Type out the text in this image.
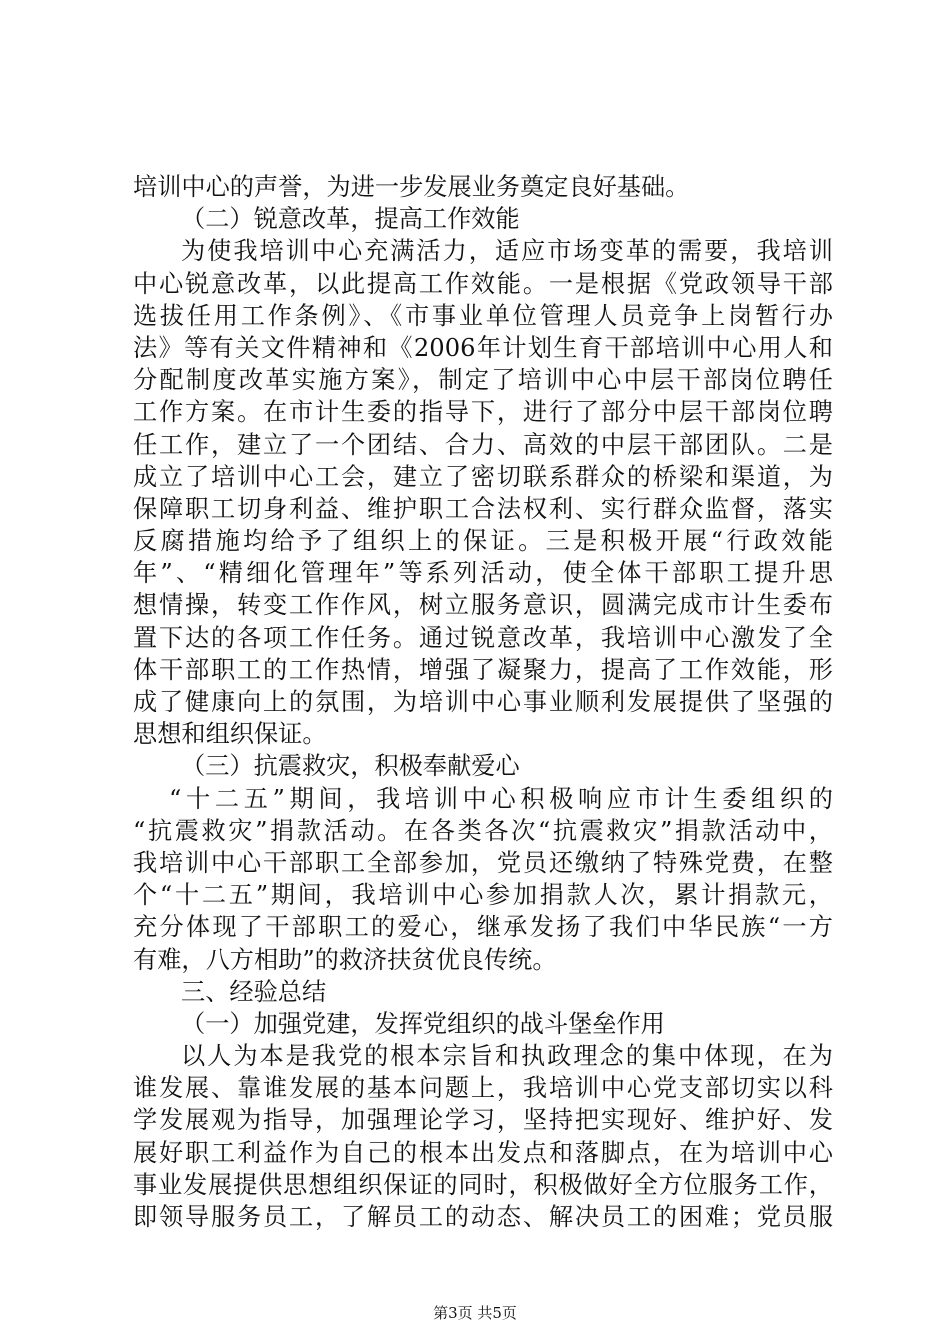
培训中心的声誉，为进一步发展业务奠定良好基础。
（二）锐意改革，提高工作效能
为使我培训中心充满活力，适应市场变革的需要，我培训
中心锐意改革，以此提高工作效能。一是根据《党政领导干部
选拔任用工作条例》、《市事业单位管理人员竞争上岗暂行办
法》等有关文件精神和《2006年计划生育干部培训中心用人和
分配制度改革实施方案》，制定了培训中心中层干部岗位聘任
工作方案。在市计生委的指导下，进行了部分中层干部岗位聘
任工作，建立了一个团结、合力、高效的中层干部团队。二是
成立了培训中心工会，建立了密切联系群众的桥梁和渠道，为
保障职工切身利益、维护职工合法权利、实行群众监督，落实
反腐措施均给予了组织上的保证。三是积极开展“行政效能
年”、“精细化管理年”等系列活动，使全体干部职工提升思
想情操，转变工作作风，树立服务意识，圆满完成市计生委布
置下达的各项工作任务。通过锐意改革，我培训中心激发了全
体干部职工的工作热情，增强了凝聚力，提高了工作效能，形
成了健康向上的氛围，为培训中心事业顺利发展提供了坚强的
思想和组织保证。
（三）抗震救灾，积极奉献爱心
“十二五”期间，我培训中心积极响应市计生委组织的
“抗震救灾”捐款活动。在各类各次“抗震救灾”捐款活动中，
我培训中心干部职工全部参加，党员还缴纳了特殊党费，在整
个“十二五”期间，我培训中心参加捐款人次，累计捐款元，
充分体现了干部职工的爱心，继承发扬了我们中华民族“一方
有难，八方相助”的救济扶贫优良传统。
三、经验总结
（一）加强党建，发挥党组织的战斗堡垒作用
以人为本是我党的根本宗旨和执政理念的集中体现，在为
谁发展、靠谁发展的基本问题上，我培训中心党支部切实以科
学发展观为指导，加强理论学习，坚持把实现好、维护好、发
展好职工利益作为自己的根本出发点和落脚点，在为培训中心
事业发展提供思想组织保证的同时，积极做好全方位服务工作，
即领导服务员工，了解员工的动态、解决员工的困难；党员服
第3页 共5页
